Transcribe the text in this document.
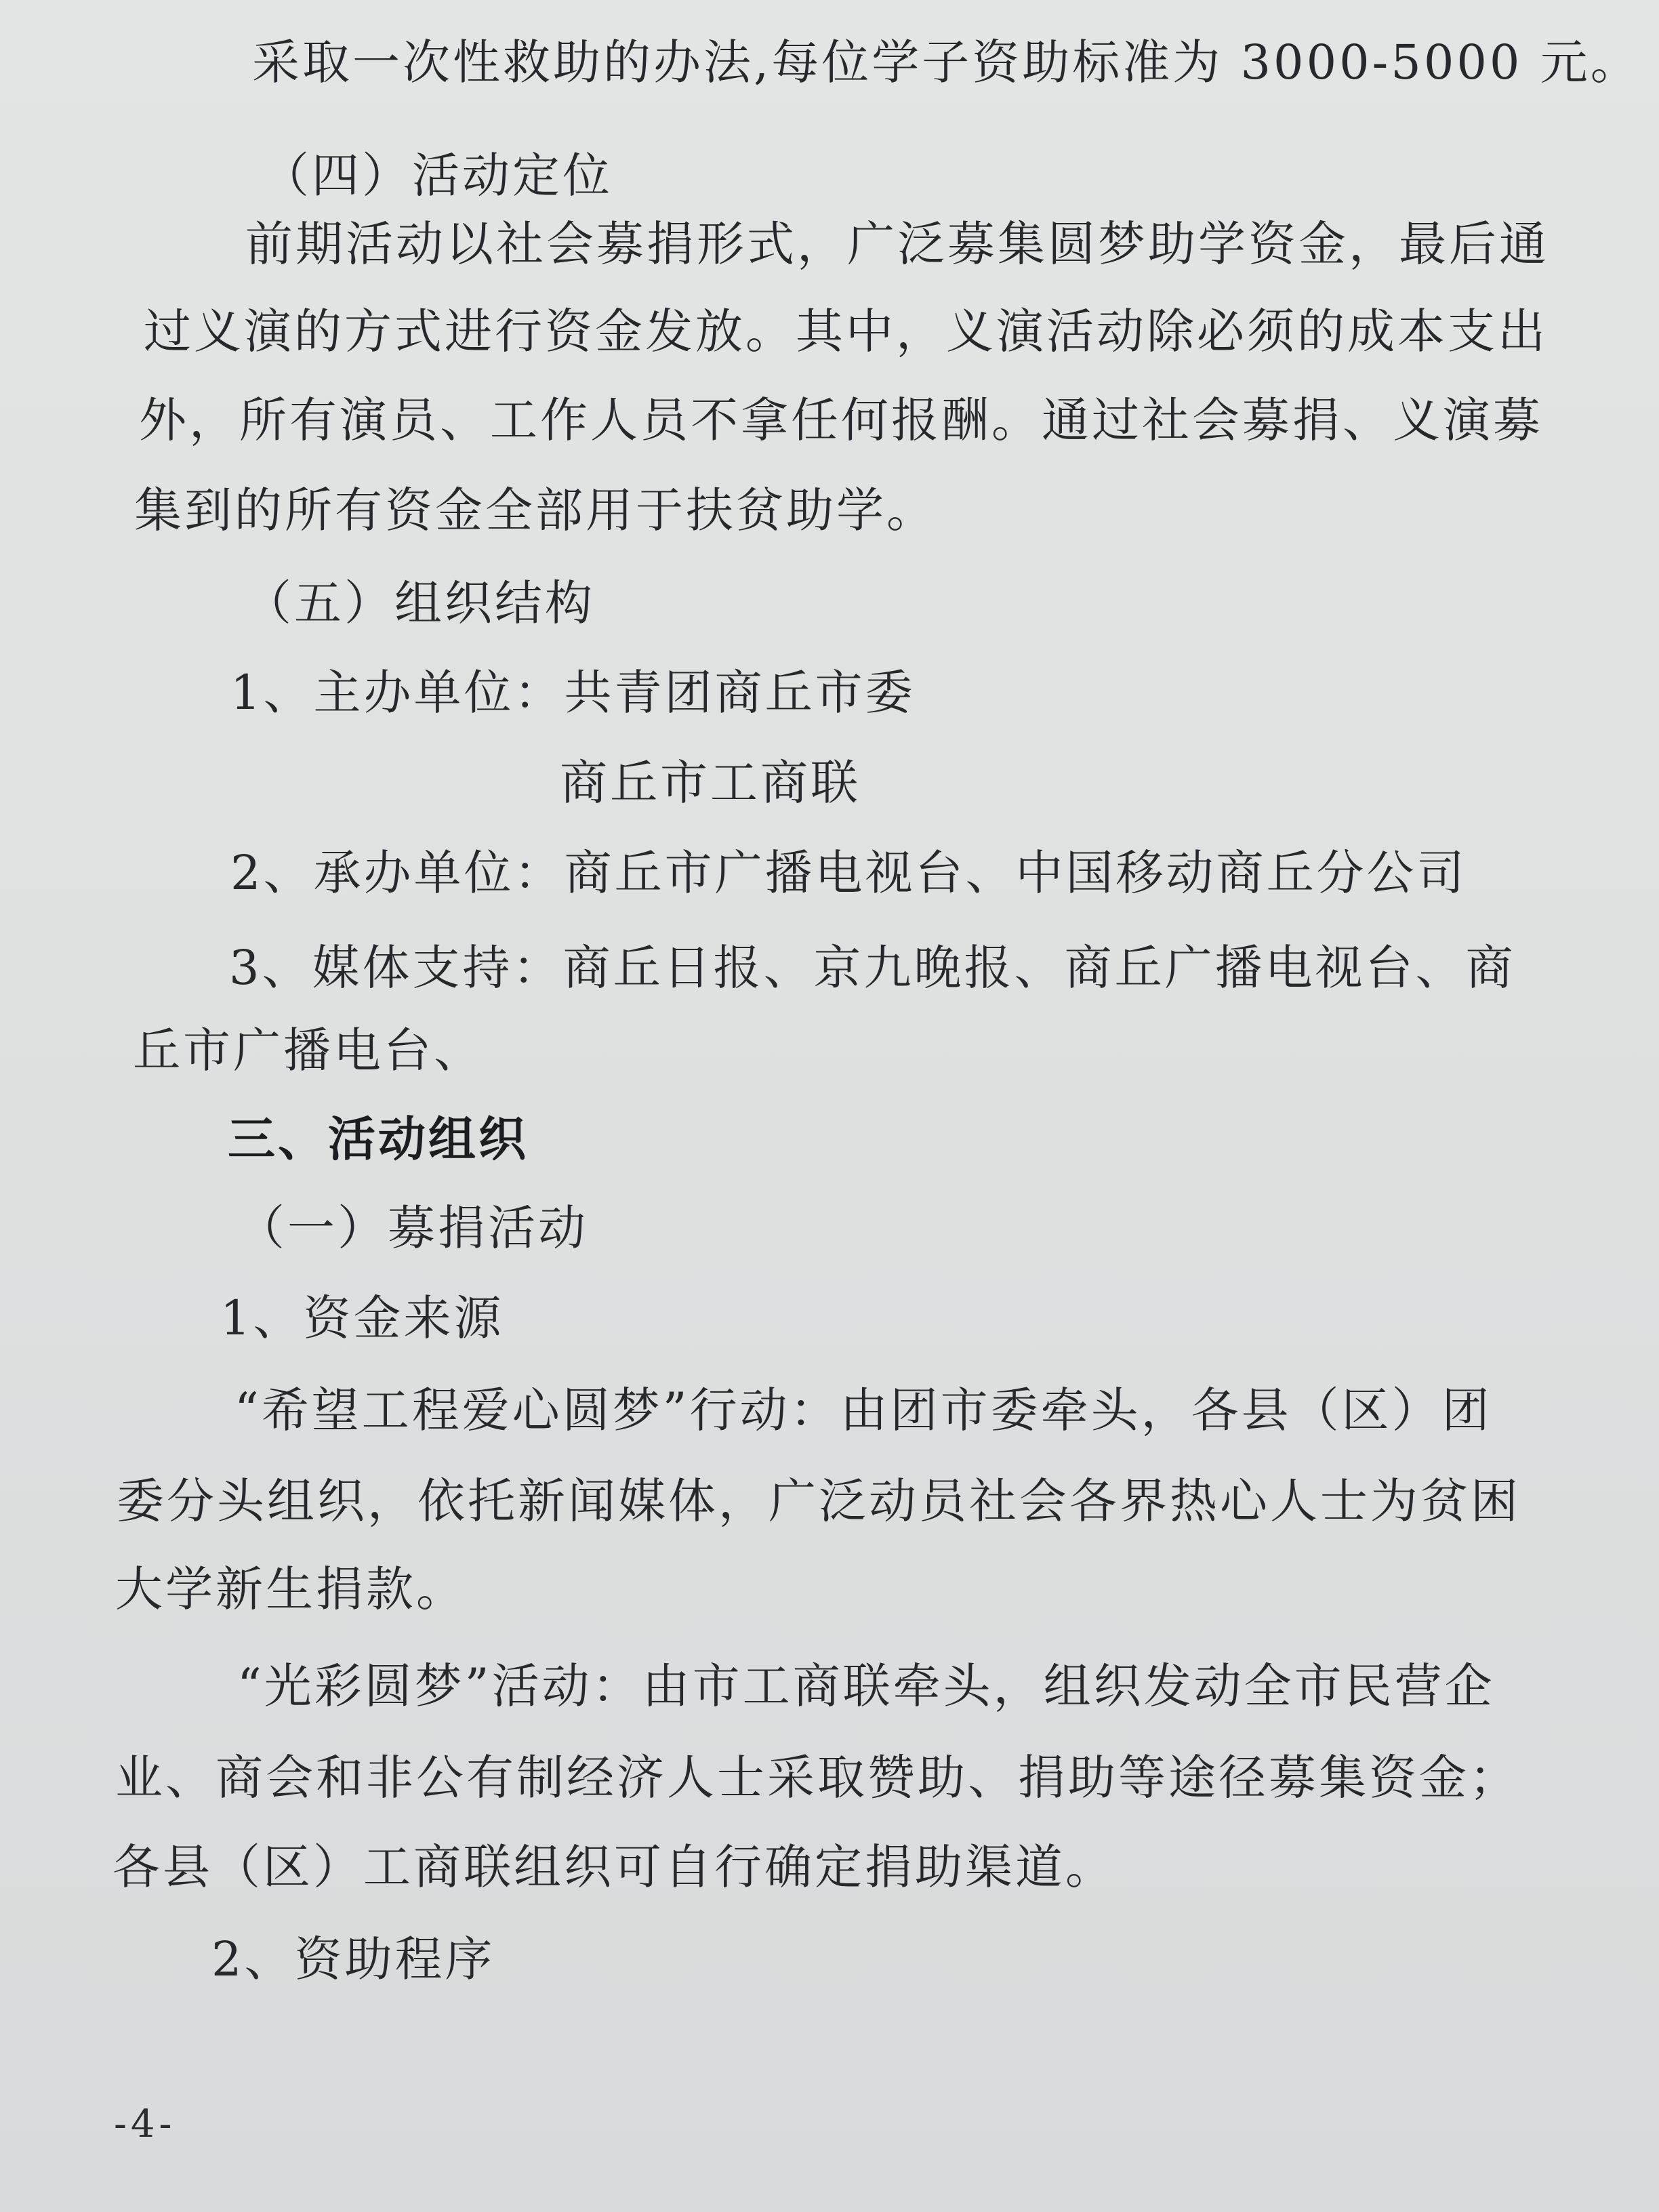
采取一次性救助的办法,每位学子资助标准为 3000-5000 元。
（四）活动定位
前期活动以社会募捐形式，广泛募集圆梦助学资金，最后通
过义演的方式进行资金发放。其中，义演活动除必须的成本支出
外，所有演员、工作人员不拿任何报酬。通过社会募捐、义演募
集到的所有资金全部用于扶贫助学。
（五）组织结构
1、主办单位：共青团商丘市委
商丘市工商联
2、承办单位：商丘市广播电视台、中国移动商丘分公司
3、媒体支持：商丘日报、京九晚报、商丘广播电视台、商
丘市广播电台、
三、活动组织
（一）募捐活动
1、资金来源
“希望工程爱心圆梦”行动：由团市委牵头，各县（区）团
委分头组织，依托新闻媒体，广泛动员社会各界热心人士为贫困
大学新生捐款。
“光彩圆梦”活动：由市工商联牵头，组织发动全市民营企
业、商会和非公有制经济人士采取赞助、捐助等途径募集资金；
各县（区）工商联组织可自行确定捐助渠道。
2、资助程序
-4-
